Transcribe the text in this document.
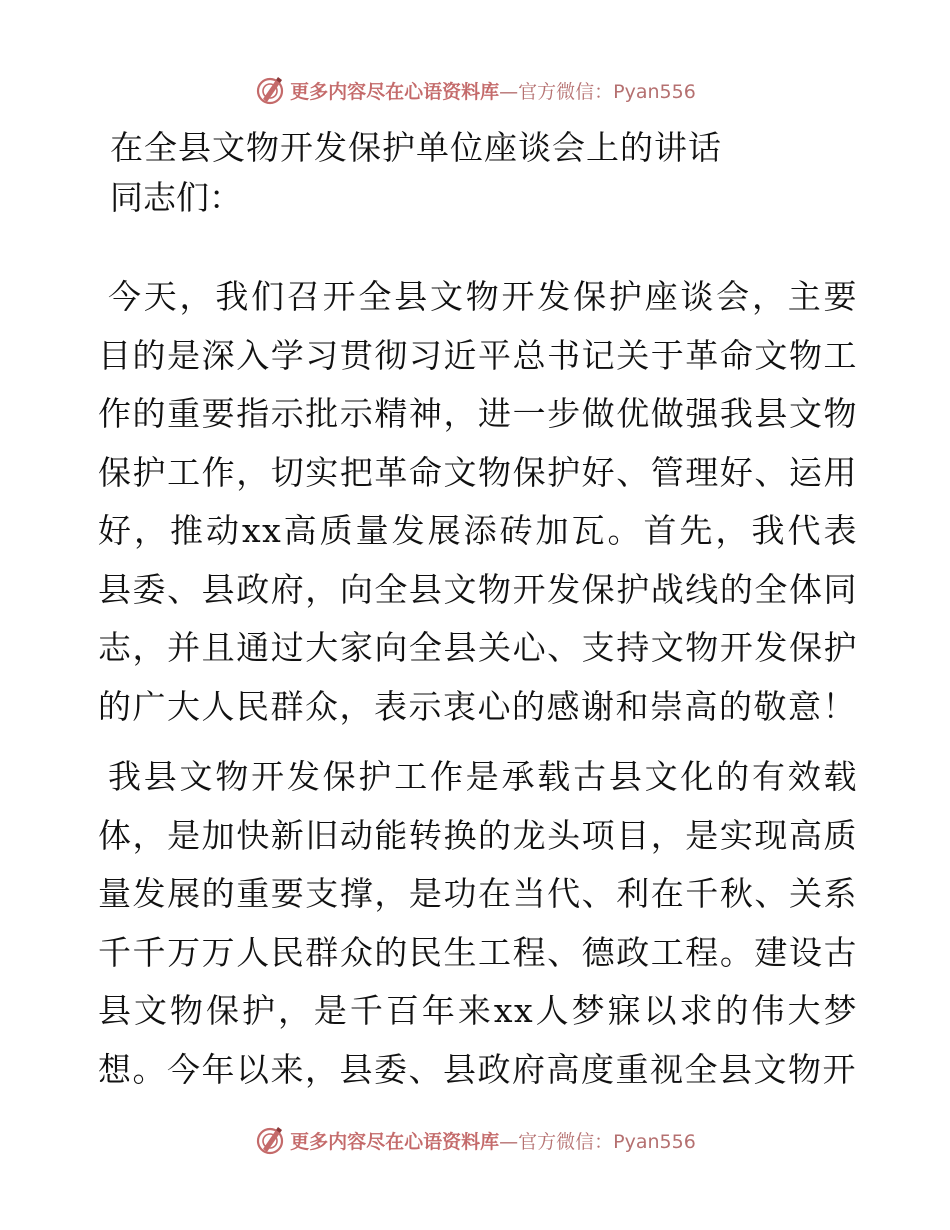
更多内容尽在心语资料库—官方微信：Pyan556
在全县文物开发保护单位座谈会上的讲话
同志们：

今天，我们召开全县文物开发保护座谈会，主要目的是深入学习贯彻习近平总书记关于革命文物工作的重要指示批示精神，进一步做优做强我县文物保护工作，切实把革命文物保护好、管理好、运用好，推动xx高质量发展添砖加瓦。首先，我代表县委、县政府，向全县文物开发保护战线的全体同志，并且通过大家向全县关心、支持文物开发保护的广大人民群众，表示衷心的感谢和崇高的敬意！

我县文物开发保护工作是承载古县文化的有效载体，是加快新旧动能转换的龙头项目，是实现高质量发展的重要支撑，是功在当代、利在千秋、关系千千万万人民群众的民生工程、德政工程。建设古县文物保护，是千百年来xx人梦寐以求的伟大梦想。今年以来，县委、县政府高度重视全县文物开

更多内容尽在心语资料库—官方微信：Pyan556
